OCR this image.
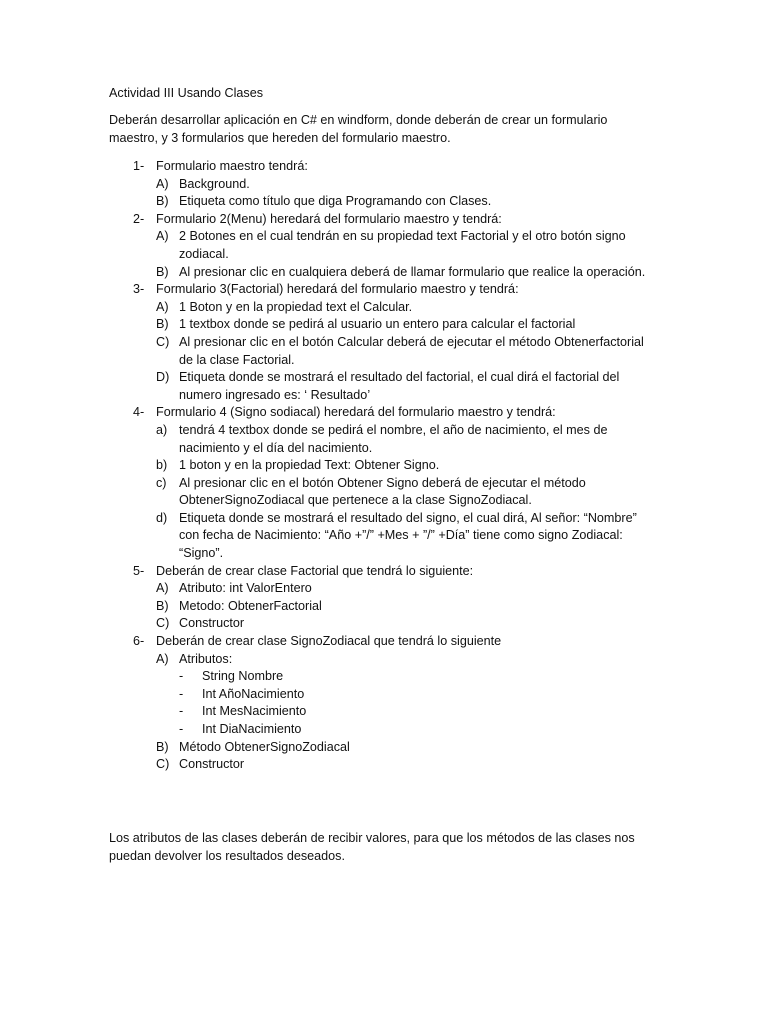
Actividad III Usando Clases

Deberán desarrollar aplicación en C# en windform, donde deberán de crear un formulario maestro, y 3 formularios que hereden del formulario maestro.

1- Formulario maestro tendrá:
A) Background.
B) Etiqueta como título que diga Programando con Clases.
2- Formulario 2(Menu) heredará del formulario maestro y tendrá:
A) 2 Botones en el cual tendrán en su propiedad text Factorial y el otro botón signo zodiacal.
B) Al presionar clic en cualquiera deberá de llamar formulario que realice la operación.
3- Formulario 3(Factorial) heredará del formulario maestro y tendrá:
A) 1 Boton y en la propiedad text el Calcular.
B) 1 textbox donde se pedirá al usuario un entero para calcular el factorial
C) Al presionar clic en el botón Calcular deberá de ejecutar el método Obtenerfactorial de la clase Factorial.
D) Etiqueta donde se mostrará el resultado del factorial, el cual dirá el factorial del numero ingresado es: ‘ Resultado’
4- Formulario 4 (Signo sodiacal) heredará del formulario maestro y tendrá:
a) tendrá 4 textbox donde se pedirá el nombre, el año de nacimiento, el mes de nacimiento y el día del nacimiento.
b) 1 boton y en la propiedad Text: Obtener Signo.
c) Al presionar clic en el botón Obtener Signo deberá de ejecutar el método ObtenerSignoZodiacal que pertenece a la clase SignoZodiacal.
d) Etiqueta donde se mostrará el resultado del signo, el cual dirá, Al señor: “Nombre” con fecha de Nacimiento: “Año +”/” +Mes + ”/” +Día” tiene como signo Zodiacal: “Signo”.
5- Deberán de crear clase Factorial que tendrá lo siguiente:
A) Atributo: int ValorEntero
B) Metodo: ObtenerFactorial
C) Constructor
6- Deberán de crear clase SignoZodiacal que tendrá lo siguiente
A) Atributos:
- String Nombre
- Int AñoNacimiento
- Int MesNacimiento
- Int DiaNacimiento
B) Método ObtenerSignoZodiacal
C) Constructor

Los atributos de las clases deberán de recibir valores, para que los métodos de las clases nos puedan devolver los resultados deseados.
